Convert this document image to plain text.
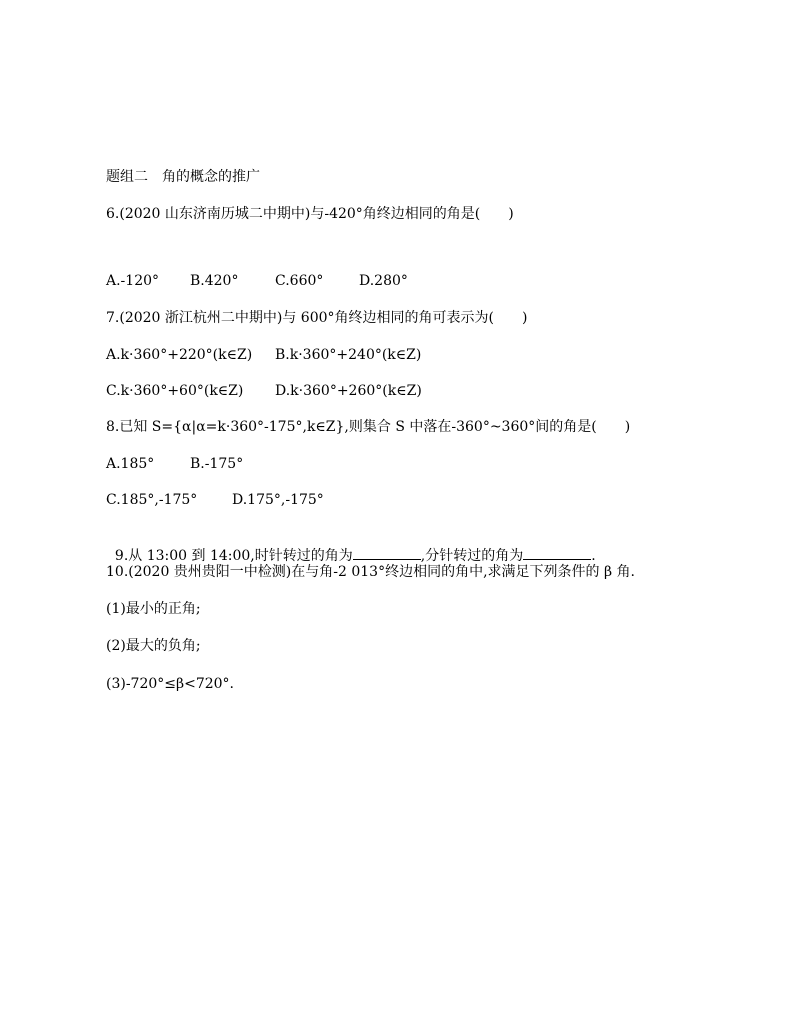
题组二　角的概念的推广
6.(2020 山东济南历城二中期中)与-420°角终边相同的角是(　　)
A.-120° B.420°	C.660°	D.280°
7.(2020 浙江杭州二中期中)与 600°角终边相同的角可表示为(　　)
A.k·360°+220°(k∈Z) B.k·360°+240°(k∈Z)
C.k·360°+60°(k∈Z) D.k·360°+260°(k∈Z)
8.已知 S={α|α=k·360°-175°,k∈Z},则集合 S 中落在-360°~360°间的角是(　　)
A.185°	B.-175°
C.185°,-175° D.175°,-175°

9.从 13:00 到 14:00,时针转过的角为	,分针转过的角为	.

10.(2020 贵州贵阳一中检测)在与角-2 013°终边相同的角中,求满足下列条件的 β 角.
(1)最小的正角;
(2)最大的负角;
(3)-720°≤β<720°.
